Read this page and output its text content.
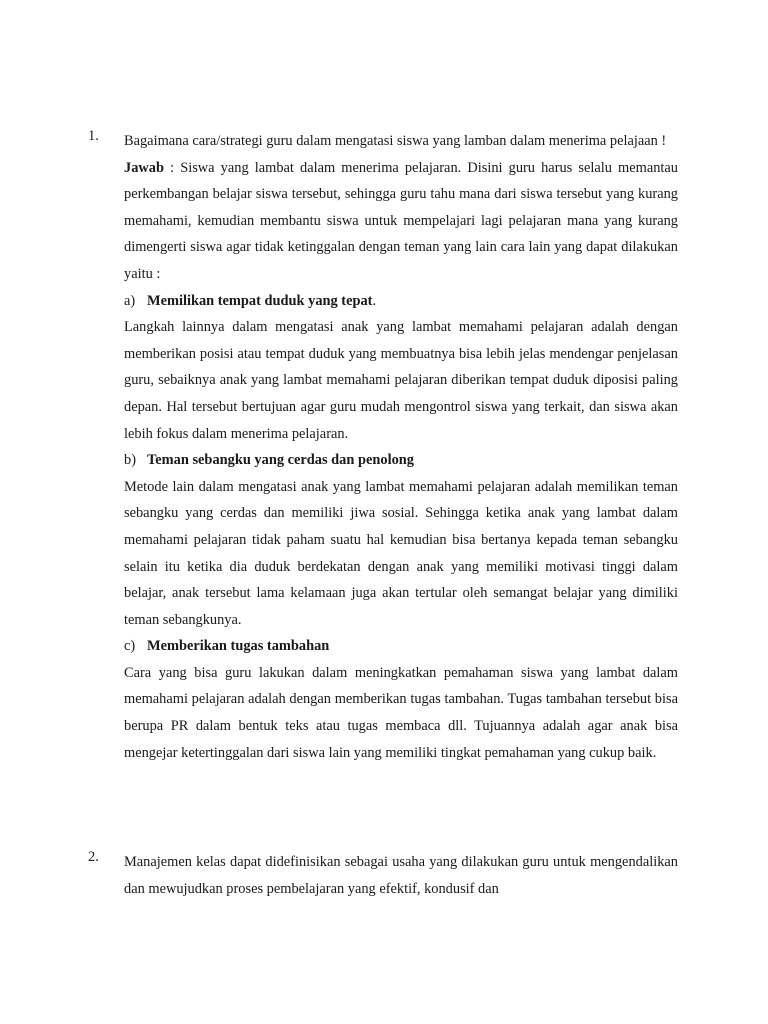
1. Bagaimana cara/strategi guru dalam mengatasi siswa yang lamban dalam menerima pelajaan !

Jawab : Siswa yang lambat dalam menerima pelajaran. Disini guru harus selalu memantau perkembangan belajar siswa tersebut, sehingga guru tahu mana dari siswa tersebut yang kurang memahami, kemudian membantu siswa untuk mempelajari lagi pelajaran mana yang kurang dimengerti siswa agar tidak ketinggalan dengan teman yang lain cara lain yang dapat dilakukan yaitu :

a) Memilikan tempat duduk yang tepat.

Langkah lainnya dalam mengatasi anak yang lambat memahami pelajaran adalah dengan memberikan posisi atau tempat duduk yang membuatnya bisa lebih jelas mendengar penjelasan guru, sebaiknya anak yang lambat memahami pelajaran diberikan tempat duduk diposisi paling depan. Hal tersebut bertujuan agar guru mudah mengontrol siswa yang terkait, dan siswa akan lebih fokus dalam menerima pelajaran.

b) Teman sebangku yang cerdas dan penolong

Metode lain dalam mengatasi anak yang lambat memahami pelajaran adalah memilikan teman sebangku yang cerdas dan memiliki jiwa sosial. Sehingga ketika anak yang lambat dalam memahami pelajaran tidak paham suatu hal kemudian bisa bertanya kepada teman sebangku selain itu ketika dia duduk berdekatan dengan anak yang memiliki motivasi tinggi dalam belajar, anak tersebut lama kelamaan juga akan tertular oleh semangat belajar yang dimiliki teman sebangkunya.

c) Memberikan tugas tambahan

Cara yang bisa guru lakukan dalam meningkatkan pemahaman siswa yang lambat dalam memahami pelajaran adalah dengan memberikan tugas tambahan. Tugas tambahan tersebut bisa berupa PR dalam bentuk teks atau tugas membaca dll. Tujuannya adalah agar anak bisa mengejar ketertinggalan dari siswa lain yang memiliki tingkat pemahaman yang cukup baik.

2. Manajemen kelas dapat didefinisikan sebagai usaha yang dilakukan guru untuk mengendalikan dan mewujudkan proses pembelajaran yang efektif, kondusif dan
